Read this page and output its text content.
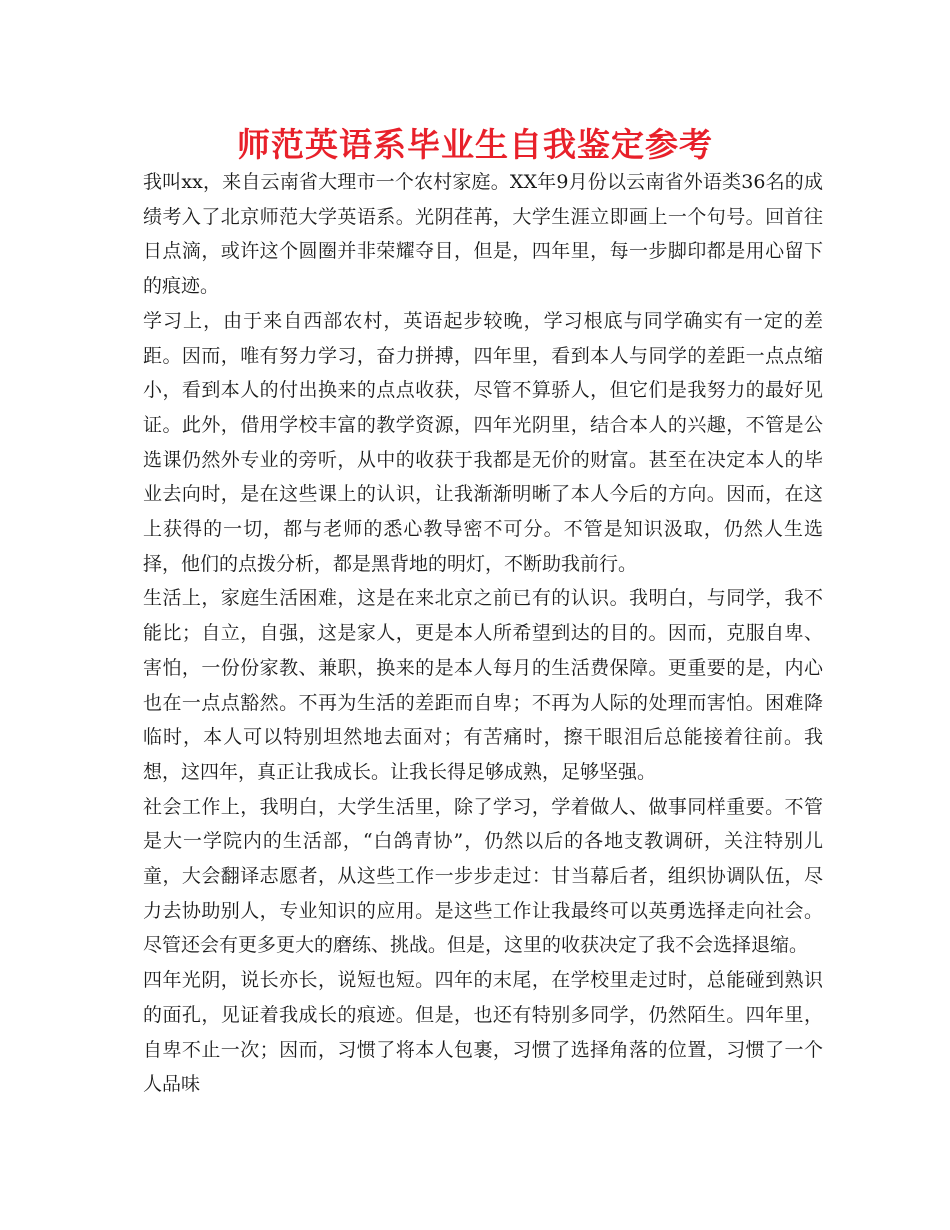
师范英语系毕业生自我鉴定参考

我叫xx，来自云南省大理市一个农村家庭。XX年9月份以云南省外语类36名的成绩考入了北京师范大学英语系。光阴荏苒，大学生涯立即画上一个句号。回首往日点滴，或许这个圆圈并非荣耀夺目，但是，四年里，每一步脚印都是用心留下的痕迹。

学习上，由于来自西部农村，英语起步较晚，学习根底与同学确实有一定的差距。因而，唯有努力学习，奋力拼搏，四年里，看到本人与同学的差距一点点缩小，看到本人的付出换来的点点收获，尽管不算骄人，但它们是我努力的最好见证。此外，借用学校丰富的教学资源，四年光阴里，结合本人的兴趣，不管是公选课仍然外专业的旁听，从中的收获于我都是无价的财富。甚至在决定本人的毕业去向时，是在这些课上的认识，让我渐渐明晰了本人今后的方向。因而，在这上获得的一切，都与老师的悉心教导密不可分。不管是知识汲取，仍然人生选择，他们的点拨分析，都是黑背地的明灯，不断助我前行。

生活上，家庭生活困难，这是在来北京之前已有的认识。我明白，与同学，我不能比；自立，自强，这是家人，更是本人所希望到达的目的。因而，克服自卑、害怕，一份份家教、兼职，换来的是本人每月的生活费保障。更重要的是，内心也在一点点豁然。不再为生活的差距而自卑；不再为人际的处理而害怕。困难降临时，本人可以特别坦然地去面对；有苦痛时，擦干眼泪后总能接着往前。我想，这四年，真正让我成长。让我长得足够成熟，足够坚强。

社会工作上，我明白，大学生活里，除了学习，学着做人、做事同样重要。不管是大一学院内的生活部，“白鸽青协”，仍然以后的各地支教调研，关注特别儿童，大会翻译志愿者，从这些工作一步步走过：甘当幕后者，组织协调队伍，尽力去协助别人，专业知识的应用。是这些工作让我最终可以英勇选择走向社会。尽管还会有更多更大的磨练、挑战。但是，这里的收获决定了我不会选择退缩。

四年光阴，说长亦长，说短也短。四年的末尾，在学校里走过时，总能碰到熟识的面孔，见证着我成长的痕迹。但是，也还有特别多同学，仍然陌生。四年里，自卑不止一次；因而，习惯了将本人包裹，习惯了选择角落的位置，习惯了一个人品味
